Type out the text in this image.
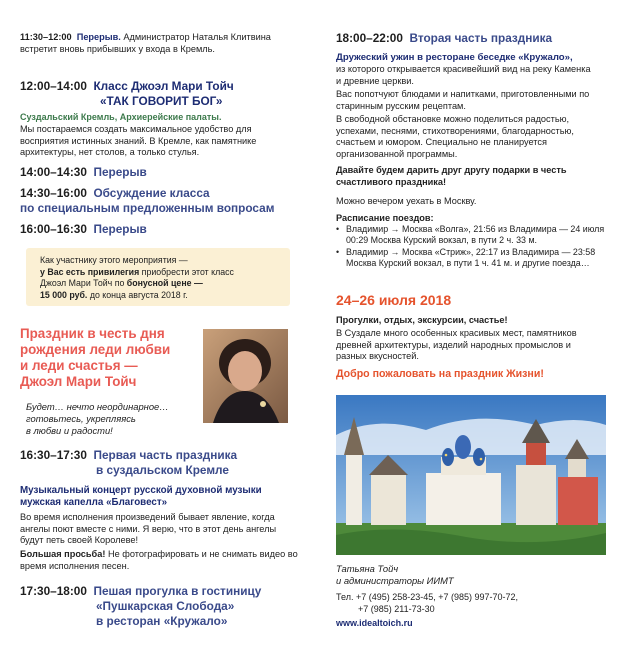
11:30–12:00 Перерыв. Администратор Наталья Клитвина встретит вновь прибывших у входа в Кремль.

12:00–14:00 Класс Джоэл Мари Тойч
«ТАК ГОВОРИТ БОГ»
Суздальский Кремль, Архиерейские палаты.

Мы постараемся создать максимальное удобство для восприятия истинных знаний. В Кремле, как памятнике архитектуры, нет столов, а только стулья.

14:00–14:30 Перерыв
14:30–16:00 Обсуждение класса
по специальным предложенным вопросам
16:00–16:30 Перерыв
Как участнику этого мероприятия —
у Вас есть привилегия приобрести этот класс
Джоэл Мари Тойч по бонусной цене —
15 000 руб. до конца августа 2018 г.
Праздник в честь дня
рождения леди любви
и леди счастья —
Джоэл Мари Тойч
Будет… нечто неординарное…
готовьтесь, укрепляясь
в любви и радости!
16:30–17:30 Первая часть праздника
в суздальском Кремле
Музыкальный концерт русской духовной музыки
мужская капелла «Благовест»

Во время исполнения произведений бывает явление, когда ангелы поют вместе с ними. Я верю, что в этот день ангелы будут петь своей Королеве!

Большая просьба! Не фотографировать и не снимать видео во время исполнения песен.

17:30–18:00 Пешая прогулка в гостиницу
«Пушкарская Слобода»
в ресторан «Кружало»
18:00–22:00 Вторая часть праздника
Дружеский ужин в ресторане беседке «Кружало»,

из которого открывается красивейший вид на реку Каменка и древние церкви.

Вас попотчуют блюдами и напитками, приготовленными по старинным русским рецептам.

В свободной обстановке можно поделиться радостью, успехами, песнями, стихотворениями, благодарностью, счастьем и юмором. Специально не планируется организованной программы.

Давайте будем дарить друг другу подарки в честь счастливого праздника!

Можно вечером уехать в Москву.

Расписание поездов:

• Владимир → Москва «Волга», 21:56 из Владимира — 24 июля 00:29 Москва Курский вокзал, в пути 2 ч. 33 м.
• Владимир → Москва «Стриж», 22:17 из Владимира — 23:58 Москва Курский вокзал, в пути 1 ч. 41 м. и другие поезда…
24–26 июля 2018

Прогулки, отдых, экскурсии, счастье!

В Суздале много особенных красивых мест, памятников древней архитектуры, изделий народных промыслов и разных вкусностей.

Добро пожаловать на праздник Жизни!
Татьяна Тойч
и администраторы ИИМТ
Тел. +7 (495) 258-23-45, +7 (985) 997-70-72,
+7 (985) 211-73-30
www.idealtoich.ru
